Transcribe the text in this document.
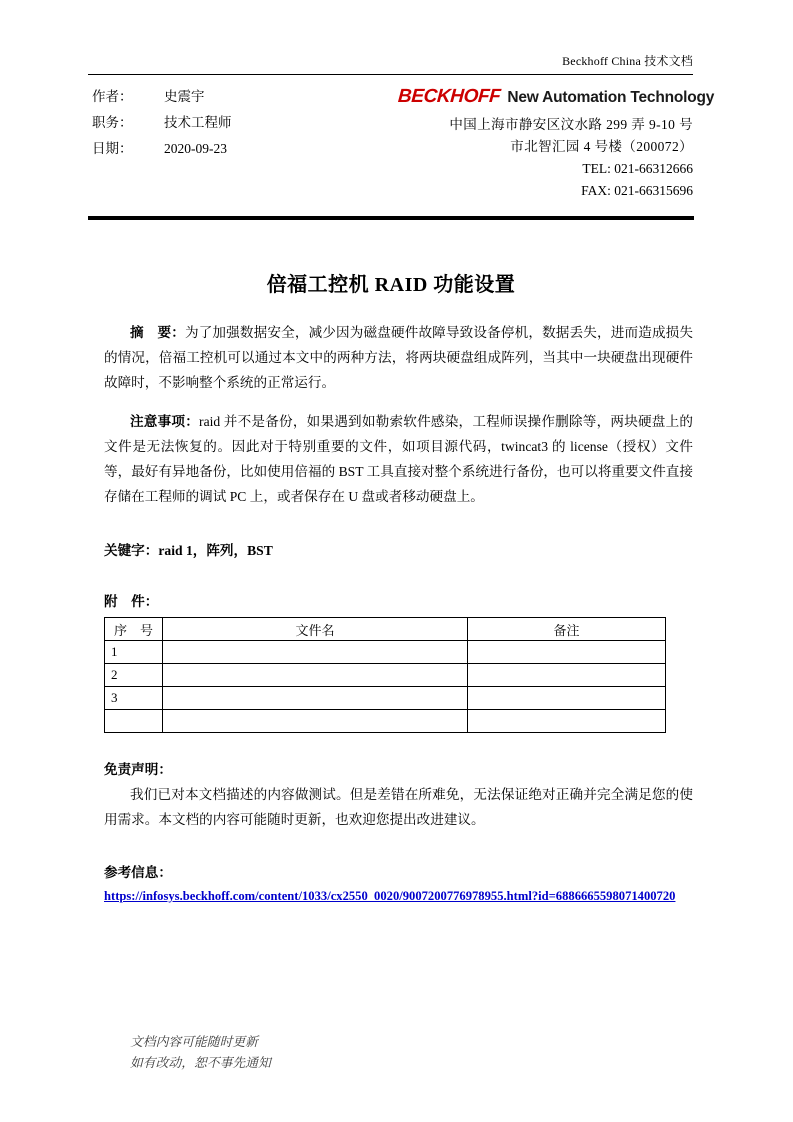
Beckhoff China 技术文档
作者：	史震宇
职务：	技术工程师
日期：	2020-09-23
BECKHOFF New Automation Technology
中国上海市静安区汶水路 299 弄 9-10 号
市北智汇园 4 号楼（200072）
TEL: 021-66312666
FAX: 021-66315696
倍福工控机 RAID 功能设置

摘　要：为了加强数据安全，减少因为磁盘硬件故障导致设备停机，数据丢失，进而造成损失的情况，倍福工控机可以通过本文中的两种方法，将两块硬盘组成阵列，当其中一块硬盘出现硬件故障时，不影响整个系统的正常运行。

注意事项：raid 并不是备份，如果遇到如勒索软件感染，工程师误操作删除等，两块硬盘上的文件是无法恢复的。因此对于特别重要的文件，如项目源代码，twincat3 的 license（授权）文件等，最好有异地备份，比如使用倍福的 BST 工具直接对整个系统进行备份，也可以将重要文件直接存储在工程师的调试 PC 上，或者保存在 U 盘或者移动硬盘上。

关键字：raid 1，阵列，BST

附　件：

序　号	文件名	备注
1		
2		
3		

免责声明：

我们已对本文档描述的内容做测试。但是差错在所难免，无法保证绝对正确并完全满足您的使用需求。本文档的内容可能随时更新，也欢迎您提出改进建议。

参考信息：

https://infosys.beckhoff.com/content/1033/cx2550_0020/9007200776978955.html?id=6886665598071400720
文档内容可能随时更新
如有改动，恕不事先通知
